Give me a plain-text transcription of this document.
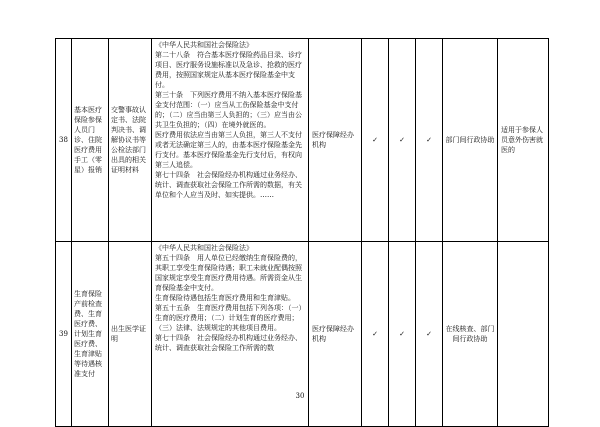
38	基本医疗保险参保人员门诊、住院医疗费用手工（零星）报销	交警事故认定书、法院判决书、调解协议书等公检法部门出具的相关证明材料	《中华人民共和国社会保险法》
第二十八条　符合基本医疗保险药品目录、诊疗项目、医疗服务设施标准以及急诊、抢救的医疗费用，按照国家规定从基本医疗保险基金中支付。
第三十条　下列医疗费用不纳入基本医疗保险基金支付范围：（一）应当从工伤保险基金中支付的；（二）应当由第三人负担的；（三）应当由公共卫生负担的；（四）在境外就医的。
医疗费用依法应当由第三人负担，第三人不支付或者无法确定第三人的，由基本医疗保险基金先行支付。基本医疗保险基金先行支付后，有权向第三人追偿。
第七十四条　社会保险经办机构通过业务经办、统计、调查获取社会保险工作所需的数据，有关单位和个人应当及时、如实提供。……	医疗保障经办机构	✓	✓	✓	部门间行政协助	适用于参保人员意外伤害就医的
39	生育保险产前检查费、生育医疗费、计划生育医疗费、生育津贴等待遇核准支付	出生医学证明	《中华人民共和国社会保险法》
第五十四条　用人单位已经缴纳生育保险费的，其职工享受生育保险待遇；职工未就业配偶按照国家规定享受生育医疗费用待遇。所需资金从生育保险基金中支付。
生育保险待遇包括生育医疗费用和生育津贴。
第五十五条　生育医疗费用包括下列各项：（一）生育的医疗费用；（二）计划生育的医疗费用；（三）法律、法规规定的其他项目费用。
第七十四条　社会保险经办机构通过业务经办、统计、调查获取社会保险工作所需的数	医疗保障经办机构	✓	✓	✓	在线核查、部门间行政协助	
30
